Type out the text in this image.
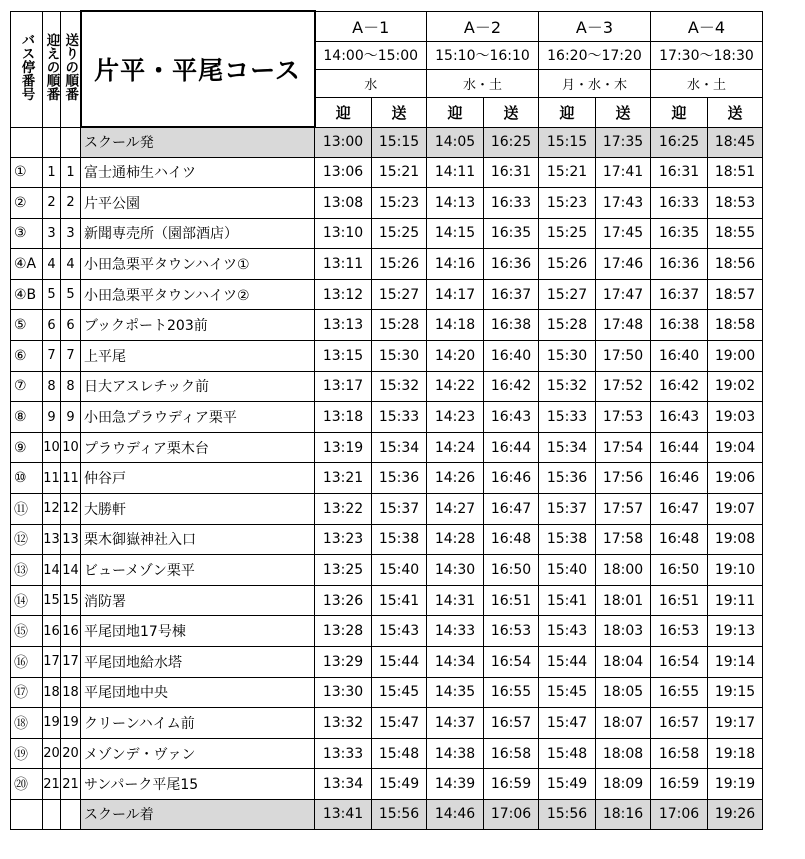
バス停番号	迎えの順番	送りの順番	片平・平尾コース	A－1		A－2		A－3		A－4	
				14:00～15:00		15:10～16:10		16:20～17:20		17:30～18:30	
				水		水・土		月・水・木		水・土	
				迎	送	迎	送	迎	送	迎	送
			スクール発	13:00	15:15	14:05	16:25	15:15	17:35	16:25	18:45
①	1	1	富士通柿生ハイツ	13:06	15:21	14:11	16:31	15:21	17:41	16:31	18:51
②	2	2	片平公園	13:08	15:23	14:13	16:33	15:23	17:43	16:33	18:53
③	3	3	新聞専売所（園部酒店）	13:10	15:25	14:15	16:35	15:25	17:45	16:35	18:55
④A	4	4	小田急栗平タウンハイツ①	13:11	15:26	14:16	16:36	15:26	17:46	16:36	18:56
④B	5	5	小田急栗平タウンハイツ②	13:12	15:27	14:17	16:37	15:27	17:47	16:37	18:57
⑤	6	6	ブックポート203前	13:13	15:28	14:18	16:38	15:28	17:48	16:38	18:58
⑥	7	7	上平尾	13:15	15:30	14:20	16:40	15:30	17:50	16:40	19:00
⑦	8	8	日大アスレチック前	13:17	15:32	14:22	16:42	15:32	17:52	16:42	19:02
⑧	9	9	小田急プラウディア栗平	13:18	15:33	14:23	16:43	15:33	17:53	16:43	19:03
⑨	10	10	プラウディア栗木台	13:19	15:34	14:24	16:44	15:34	17:54	16:44	19:04
⑩	11	11	仲谷戸	13:21	15:36	14:26	16:46	15:36	17:56	16:46	19:06
⑪	12	12	大勝軒	13:22	15:37	14:27	16:47	15:37	17:57	16:47	19:07
⑫	13	13	栗木御嶽神社入口	13:23	15:38	14:28	16:48	15:38	17:58	16:48	19:08
⑬	14	14	ビューメゾン栗平	13:25	15:40	14:30	16:50	15:40	18:00	16:50	19:10
⑭	15	15	消防署	13:26	15:41	14:31	16:51	15:41	18:01	16:51	19:11
⑮	16	16	平尾団地17号棟	13:28	15:43	14:33	16:53	15:43	18:03	16:53	19:13
⑯	17	17	平尾団地給水塔	13:29	15:44	14:34	16:54	15:44	18:04	16:54	19:14
⑰	18	18	平尾団地中央	13:30	15:45	14:35	16:55	15:45	18:05	16:55	19:15
⑱	19	19	クリーンハイム前	13:32	15:47	14:37	16:57	15:47	18:07	16:57	19:17
⑲	20	20	メゾンデ・ヴァン	13:33	15:48	14:38	16:58	15:48	18:08	16:58	19:18
⑳	21	21	サンパーク平尾15	13:34	15:49	14:39	16:59	15:49	18:09	16:59	19:19
			スクール着	13:41	15:56	14:46	17:06	15:56	18:16	17:06	19:26
